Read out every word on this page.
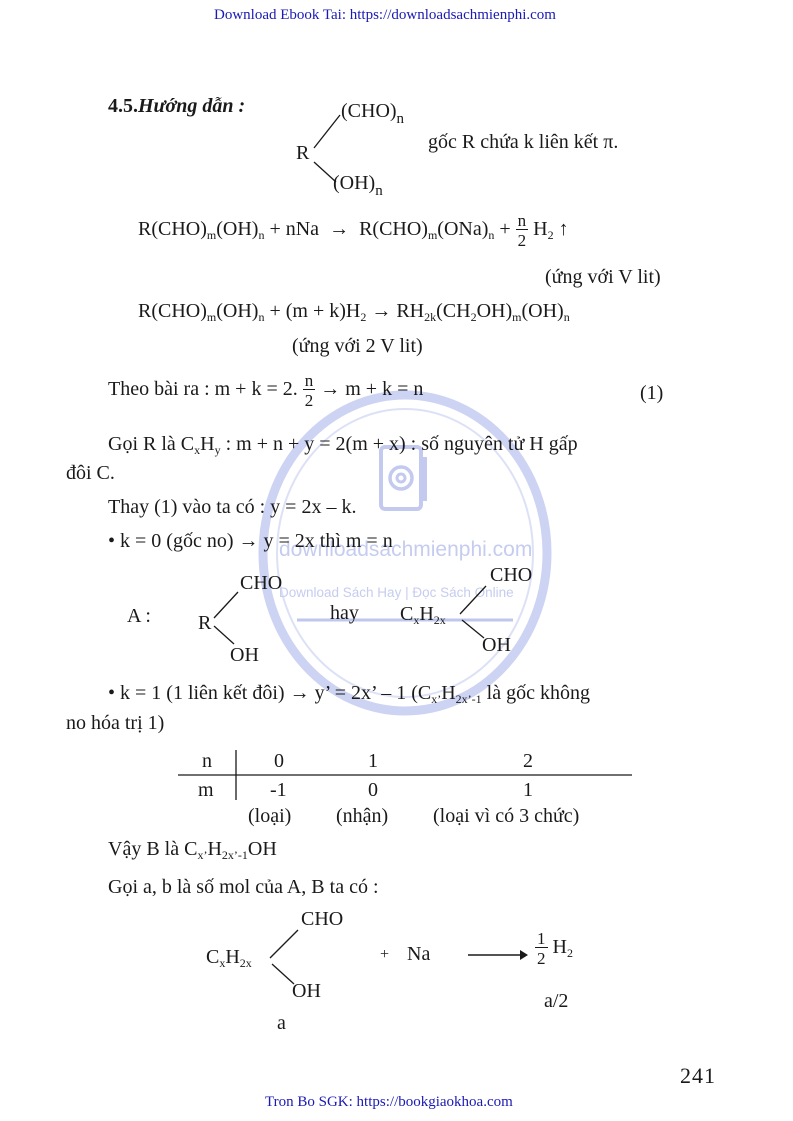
Download Ebook Tai: https://downloadsachmienphi.com
Tron Bo SGK: https://bookgiaokhoa.com
241
downloadsachmienphi.com
Download Sách Hay | Đọc Sách Online
4.5.Hướng dẫn :
R
$(CHO)_n$
$(OH)_n$
gốc R chứa k liên kết π.
$R(CHO)_m(OH)_n$ + nNa → $R(CHO)_m(ONa)_n + \frac{n}{2} H_2$ ↑
(ứng với V lit)
$R(CHO)_m(OH)_n + (m + k)H_2 \to RH_{2k}(CH_2OH)_m(OH)_n$
(ứng với 2 V lit)
Theo bài ra : m + k = 2. $\frac{n}{2} \to m + k = n$	(1)
Gọi R là $C_xH_y$ : m + n + y = 2(m + x) : số nguyên tử H gấp
đôi C.
Thay (1) vào ta có : y = 2x – k.
• k = 0 (gốc no) → y = 2x thì m = n
A : R
CHO
OH
hay $C_xH_{2x}$
CHO
OH
• k = 1 (1 liên kết đôi) → y’ = 2x’ – 1 ($C_{x’}H_{2x’-1}$ là gốc không
no hóa trị 1)
n	0	1	2
m	-1	0	1
(loại) (nhận) (loại vì có 3 chức)
Vậy B là $C_{x’}H_{2x’-1}OH$
Gọi a, b là số mol của A, B ta có :
$C_xH_{2x}$
CHO
OH
+ Na	$\frac{1}{2} H_2$
a
a/2
